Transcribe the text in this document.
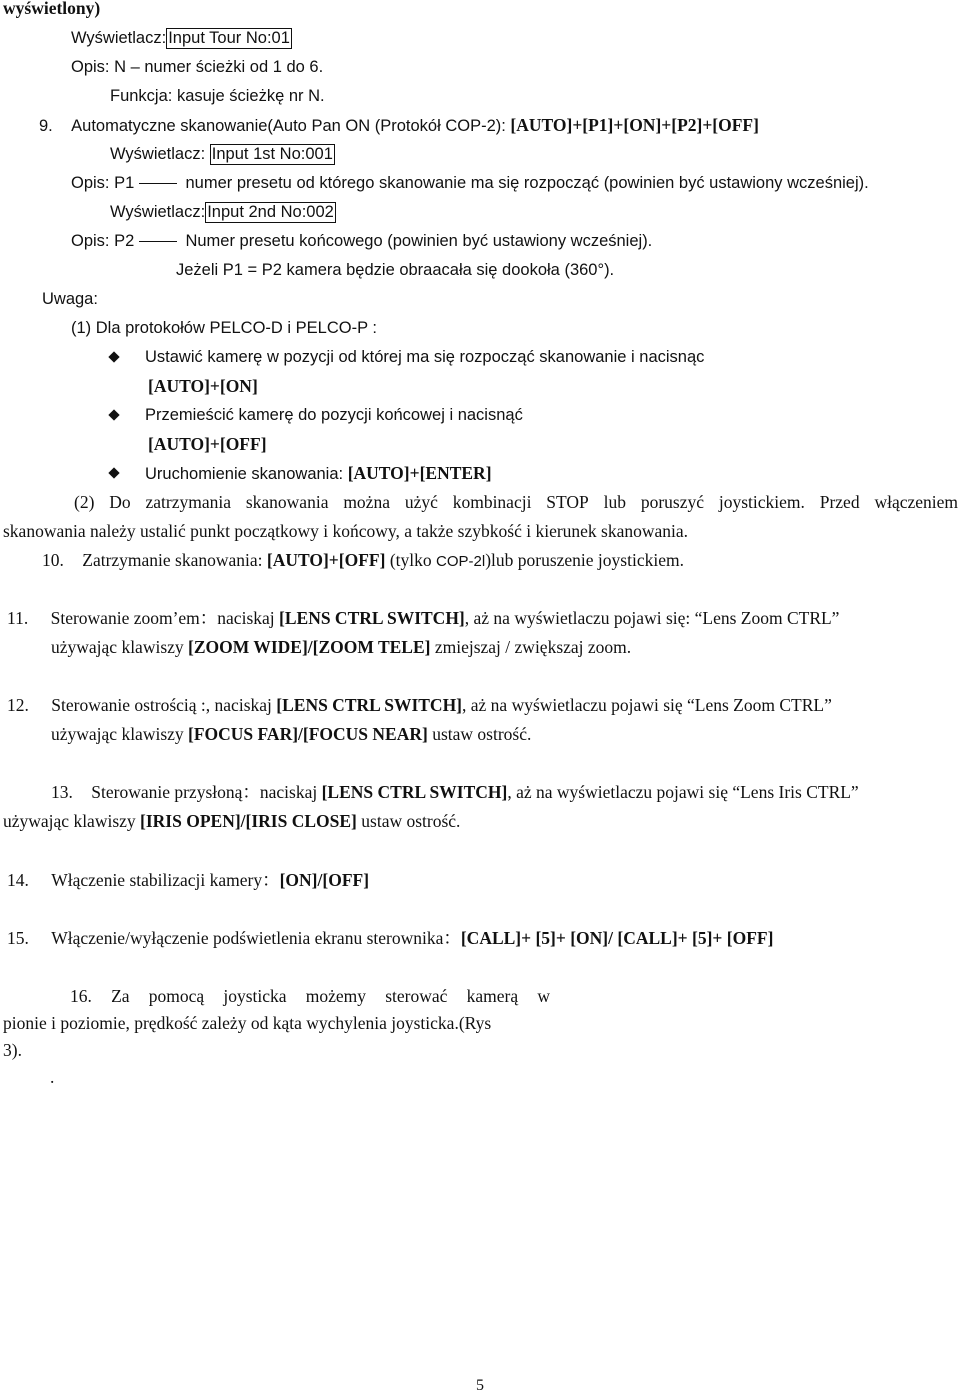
wyświetlony)
Wyświetlacz: Input Tour No:01
Opis: N – numer ścieżki od 1 do 6.
Funkcja: kasuje ścieżkę nr N.
9. Automatyczne skanowanie(Auto Pan ON (Protokół COP-2): [AUTO]+[P1]+[ON]+[P2]+[OFF]
Wyświetlacz: Input 1st No:001
Opis: P1	numer presetu od którego skanowanie ma się rozpocząć (powinien być ustawiony wcześniej).
Wyświetlacz: Input 2nd No:002
Opis: P2	Numer presetu końcowego (powinien być ustawiony wcześniej).
Jeżeli P1 = P2 kamera będzie obraacała się dookoła (360°).
Uwaga:
(1) Dla protokołów PELCO-D i PELCO-P :
Ustawić kamerę w pozycji od której ma się rozpocząć skanowanie i nacisnąc
[AUTO]+[ON]
Przemieścić kamerę do pozycji końcowej i nacisnąć
[AUTO]+[OFF]
Uruchomienie skanowania: [AUTO]+[ENTER]
(2) Do zatrzymania skanowania można użyć kombinacji STOP lub poruszyć joystickiem. Przed włączeniem
skanowania należy ustalić punkt początkowy i końcowy, a także szybkość i kierunek skanowania.
10. Zatrzymanie skanowania: [AUTO]+[OFF] (tylko COP-2l)lub poruszenie joystickiem.
11. Sterowanie zoom’em：naciskaj [LENS CTRL SWITCH], aż na wyświetlaczu pojawi się: “Lens Zoom CTRL”
używając klawiszy [ZOOM WIDE]/[ZOOM TELE] zmiejszaj / zwiększaj zoom.
12. Sterowanie ostrością :, naciskaj [LENS CTRL SWITCH], aż na wyświetlaczu pojawi się “Lens Zoom CTRL”
używając klawiszy [FOCUS FAR]/[FOCUS NEAR] ustaw ostrość.
13. Sterowanie przysłoną：naciskaj [LENS CTRL SWITCH], aż na wyświetlaczu pojawi się “Lens Iris CTRL”
używając klawiszy [IRIS OPEN]/[IRIS CLOSE] ustaw ostrość.
14. Włączenie stabilizacji kamery：[ON]/[OFF]
15. Włączenie/wyłączenie podświetlenia ekranu sterownika：[CALL]+ [5]+ [ON]/ [CALL]+ [5]+ [OFF]
16. Za pomocą joysticka możemy sterować kamerą w
pionie i poziomie, prędkość zależy od kąta wychylenia joysticka.(Rys
3).
.
5
